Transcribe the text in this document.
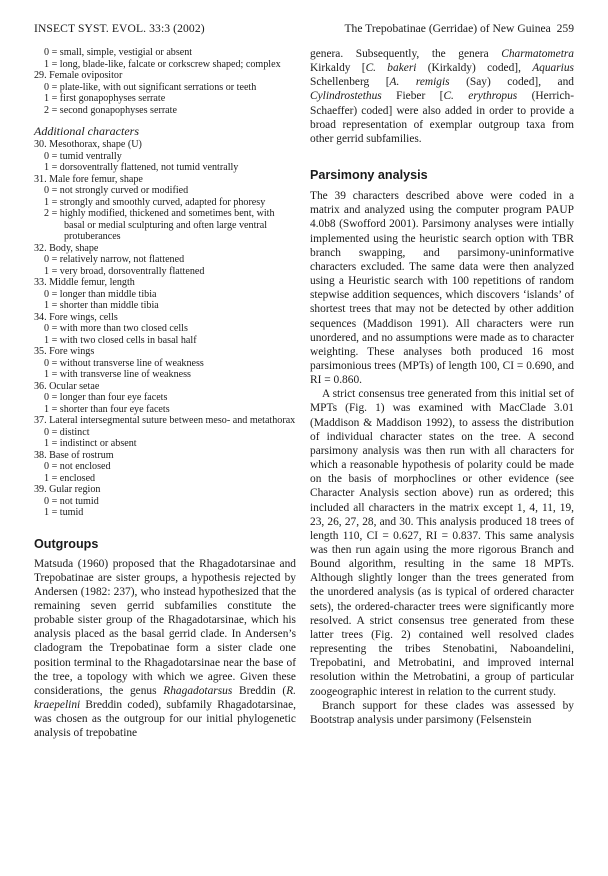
INSECT SYST. EVOL. 33:3 (2002)	The Trepobatinae (Gerridae) of New Guinea 259
0 = small, simple, vestigial or absent
1 = long, blade-like, falcate or corkscrew shaped; complex
29. Female ovipositor
0 = plate-like, with out significant serrations or teeth
1 = first gonapophyses serrate
2 = second gonapophyses serrate
Additional characters
30. Mesothorax, shape (U)
0 = tumid ventrally
1 = dorsoventrally flattened, not tumid ventrally
31. Male fore femur, shape
0 = not strongly curved or modified
1 = strongly and smoothly curved, adapted for phoresy
2 = highly modified, thickened and sometimes bent, with basal or medial sculpturing and often large ventral protuberances
32. Body, shape
0 = relatively narrow, not flattened
1 = very broad, dorsoventrally flattened
33. Middle femur, length
0 = longer than middle tibia
1 = shorter than middle tibia
34. Fore wings, cells
0 = with more than two closed cells
1 = with two closed cells in basal half
35. Fore wings
0 = without transverse line of weakness
1 = with transverse line of weakness
36. Ocular setae
0 = longer than four eye facets
1 = shorter than four eye facets
37. Lateral intersegmental suture between meso- and metathorax
0 = distinct
1 = indistinct or absent
38. Base of rostrum
0 = not enclosed
1 = enclosed
39. Gular region
0 = not tumid
1 = tumid
Outgroups

Matsuda (1960) proposed that the Rhagadotarsinae and Trepobatinae are sister groups, a hypothesis rejected by Andersen (1982: 237), who instead hypothesized that the remaining seven gerrid subfamilies constitute the probable sister group of the Rhagadotarsinae, which his analysis placed as the basal gerrid clade. In Andersen’s cladogram the Trepobatinae form a sister clade one position terminal to the Rhagadotarsinae near the base of the tree, a topology with which we agree. Given these considerations, the genus Rhagadotarsus Breddin (R. kraepelini Breddin coded), subfamily Rhagadotarsinae, was chosen as the outgroup for our initial phylogenetic analysis of trepobatine

genera. Subsequently, the genera Charmatometra Kirkaldy [C. bakeri (Kirkaldy) coded], Aquarius Schellenberg [A. remigis (Say) coded], and Cylindrostethus Fieber [C. erythropus (Herrich-Schaeffer) coded] were also added in order to provide a broad representation of exemplar outgroup taxa from other gerrid subfamilies.

Parsimony analysis

The 39 characters described above were coded in a matrix and analyzed using the computer program PAUP 4.0b8 (Swofford 2001). Parsimony analyses were intially implemented using the heuristic search option with TBR branch swapping, and parsimony-uninformative characters excluded. The same data were then analyzed using a Heuristic search with 100 repetitions of random stepwise addition sequences, which discovers ‘islands’ of shortest trees that may not be detected by other addition sequences (Maddison 1991). All characters were run unordered, and no assumptions were made as to character weighting. These analyses both produced 16 most parsimonious trees (MPTs) of length 100, CI = 0.690, and RI = 0.860.

A strict consensus tree generated from this initial set of MPTs (Fig. 1) was examined with MacClade 3.01 (Maddison & Maddison 1992), to assess the distribution of individual character states on the tree. A second parsimony analysis was then run with all characters for which a reasonable hypothesis of polarity could be made on the basis of morphoclines or other evidence (see Character Analysis section above) run as ordered; this included all characters in the matrix except 1, 4, 11, 19, 23, 26, 27, 28, and 30. This analysis produced 18 trees of length 110, CI = 0.627, RI = 0.837. This same analysis was then run again using the more rigorous Branch and Bound algorithm, resulting in the same 18 MPTs. Although slightly longer than the trees generated from the unordered analysis (as is typical of ordered character sets), the ordered-character trees were significantly more resolved. A strict consensus tree generated from these latter trees (Fig. 2) contained well resolved clades representing the tribes Stenobatini, Naboandelini, Trepobatini, and Metrobatini, and improved internal resolution within the Metrobatini, a group of particular zoogeographic interest in relation to the current study.

Branch support for these clades was assessed by Bootstrap analysis under parsimony (Felsenstein
